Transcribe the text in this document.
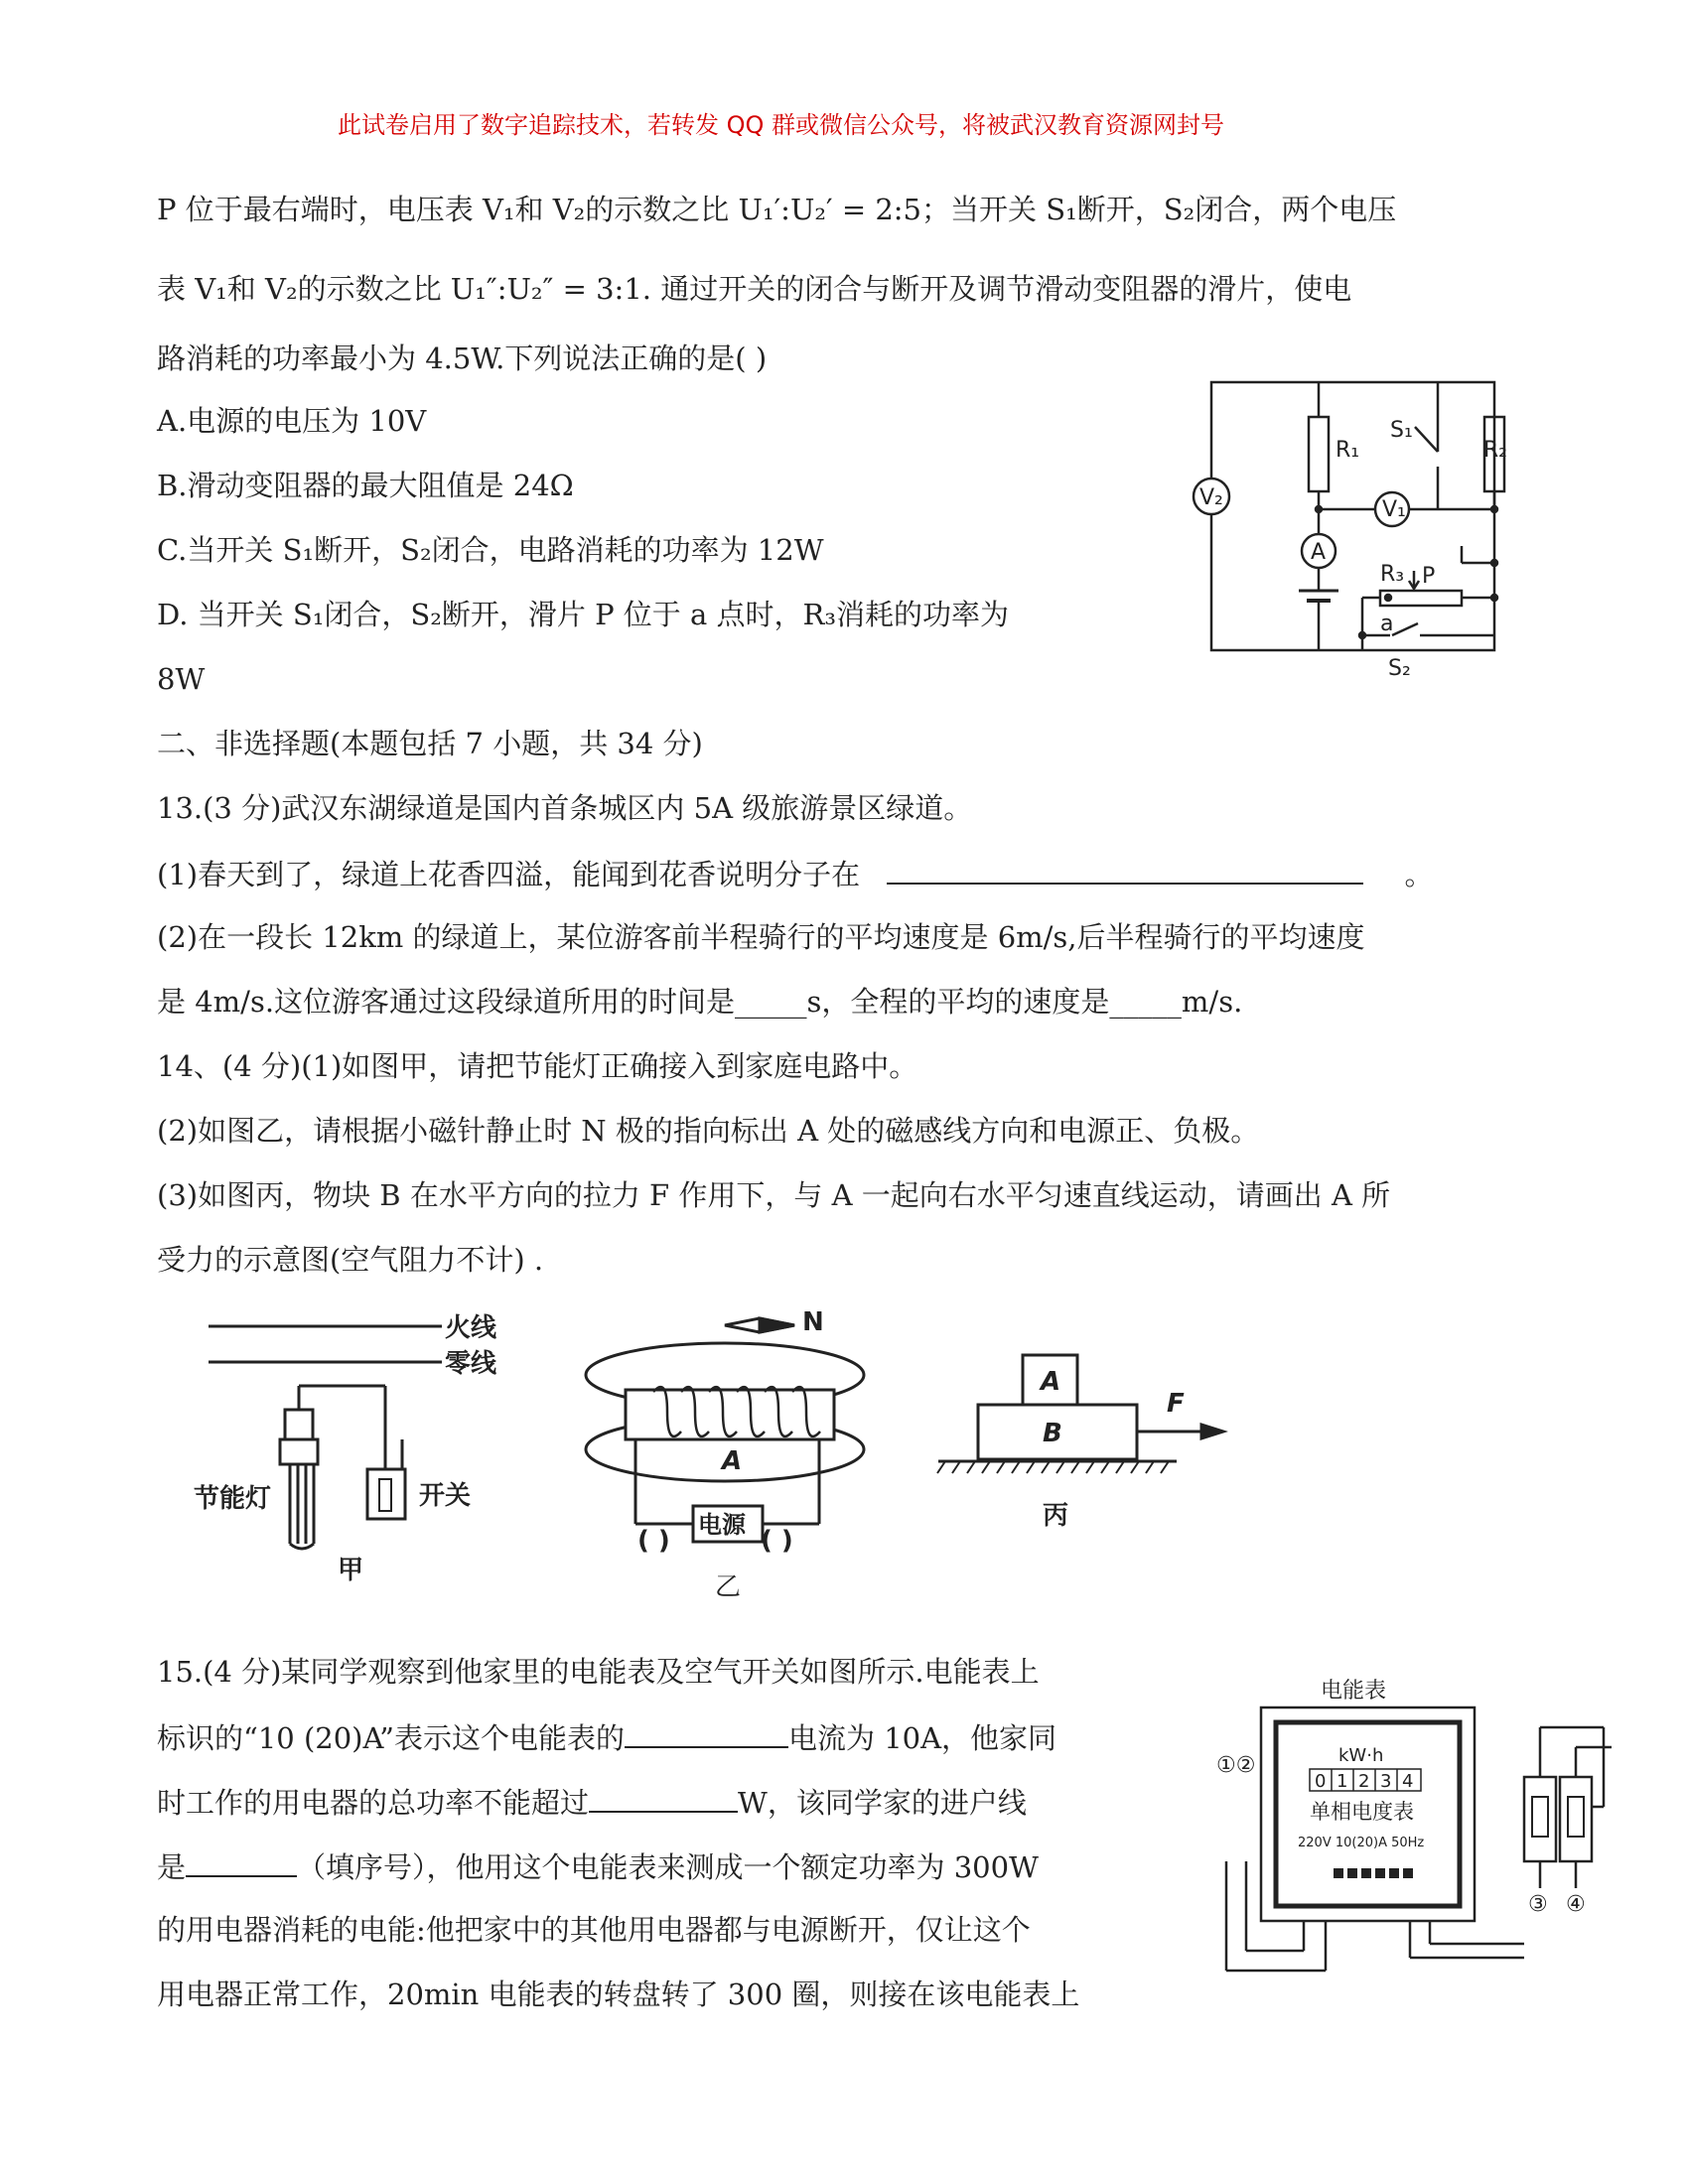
此试卷启用了数字追踪技术，若转发 QQ 群或微信公众号，将被武汉教育资源网封号
P 位于最右端时，电压表 V₁和 V₂的示数之比 U₁′:U₂′ = 2:5；当开关 S₁断开，S₂闭合，两个电压
表 V₁和 V₂的示数之比 U₁″:U₂″ = 3:1. 通过开关的闭合与断开及调节滑动变阻器的滑片，使电
路消耗的功率最小为 4.5W.下列说法正确的是( )
A.电源的电压为 10V
B.滑动变阻器的最大阻值是 24Ω
C.当开关 S₁断开，S₂闭合，电路消耗的功率为 12W
D. 当开关 S₁闭合，S₂断开，滑片 P 位于 a 点时，R₃消耗的功率为
8W
R₁
S₁
R₂
V₁
V₂
A
R₃ P
a
S₂
二、非选择题(本题包括 7 小题，共 34 分)
13.(3 分)武汉东湖绿道是国内首条城区内 5A 级旅游景区绿道。
(1)春天到了，绿道上花香四溢，能闻到花香说明分子在	。
(2)在一段长 12km 的绿道上，某位游客前半程骑行的平均速度是 6m/s,后半程骑行的平均速度
是 4m/s.这位游客通过这段绿道所用的时间是_____s，全程的平均的速度是_____m/s.
14、(4 分)(1)如图甲，请把节能灯正确接入到家庭电路中。
(2)如图乙，请根据小磁针静止时 N 极的指向标出 A 处的磁感线方向和电源正、负极。
(3)如图丙，物块 B 在水平方向的拉力 F 作用下，与 A 一起向右水平匀速直线运动，请画出 A 所
受力的示意图(空气阻力不计) .
火线
零线
节能灯	开关
甲
N
A
电源
( )	( )
乙
A
B
F
丙
15.(4 分)某同学观察到他家里的电能表及空气开关如图所示.电能表上
标识的“10 (20)A”表示这个电能表的	电流为 10A，他家同
时工作的用电器的总功率不能超过	W，该同学家的进户线
是	（填序号），他用这个电能表来测成一个额定功率为 300W
的用电器消耗的电能:他把家中的其他用电器都与电源断开，仅让这个
用电器正常工作，20min 电能表的转盘转了 300 圈，则接在该电能表上
电能表
kW·h
0 1 2 3 4
单相电度表
220V 10(20)A 50Hz
①②
③ ④
